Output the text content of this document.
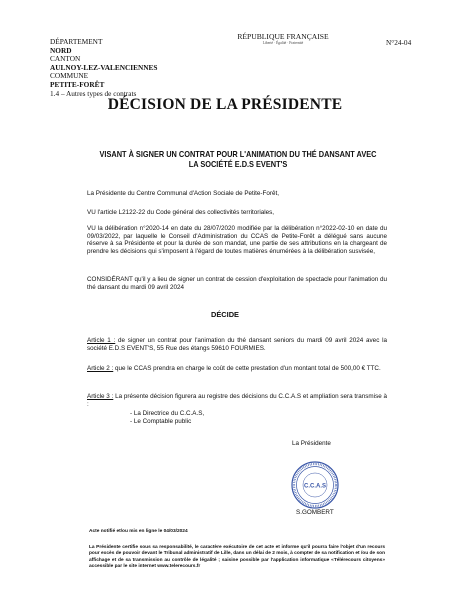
DÉPARTEMENT
NORD
CANTON
AULNOY-LEZ-VALENCIENNES
COMMUNE
PETITE-FORÊT
1.4 – Autres types de contrats
RÉPUBLIQUE FRANÇAISE
Liberté · Égalité · Fraternité	N°24-04
DÉCISION DE LA PRÉSIDENTE
VISANT À SIGNER UN CONTRAT POUR L'ANIMATION DU THÉ DANSANT AVEC
LA SOCIÉTÉ E.D.S EVENT'S
La Présidente du Centre Communal d'Action Sociale de Petite-Forêt,
VU l'article L2122-22 du Code général des collectivités territoriales,
VU la délibération n°2020-14 en date du 28/07/2020 modifiée par la délibération n°2022-02-10 en date du 09/03/2022, par laquelle le Conseil d'Administration du CCAS de Petite-Forêt a délégué sans aucune réserve à sa Présidente et pour la durée de son mandat, une partie de ses attributions en la chargeant de prendre les décisions qui s'imposent à l'égard de toutes matières énumérées à la délibération susvisée,
CONSIDÉRANT qu'il y a lieu de signer un contrat de cession d'exploitation de spectacle pour l'animation du thé dansant du mardi 09 avril 2024
DÉCIDE
Article 1 : de signer un contrat pour l'animation du thé dansant seniors du mardi 09 avril 2024 avec la société E.D.S EVENT'S, 55 Rue des étangs 59610 FOURMIES.
Article 2 : que le CCAS prendra en charge le coût de cette prestation d'un montant total de 500,00 € TTC.
Article 3 : La présente décision figurera au registre des décisions du C.C.A.S et ampliation sera transmise à :
- La Directrice du C.C.A.S,
- Le Comptable public
La Présidente
C.C.A.S
S.GOMBERT
Acte notifié et/ou mis en ligne le 04/03/2024
La Présidente certifie sous sa responsabilité, le caractère exécutoire de cet acte et informe qu'il pourra faire l'objet d'un recours pour excès de pouvoir devant le Tribunal administratif de Lille, dans un délai de 2 mois, à compter de sa notification et /ou de son affichage et de sa transmission au contrôle de légalité ; saisine possible par l'application informatique «Télérecours citoyens» accessible par le site internet www.telerecours.fr
